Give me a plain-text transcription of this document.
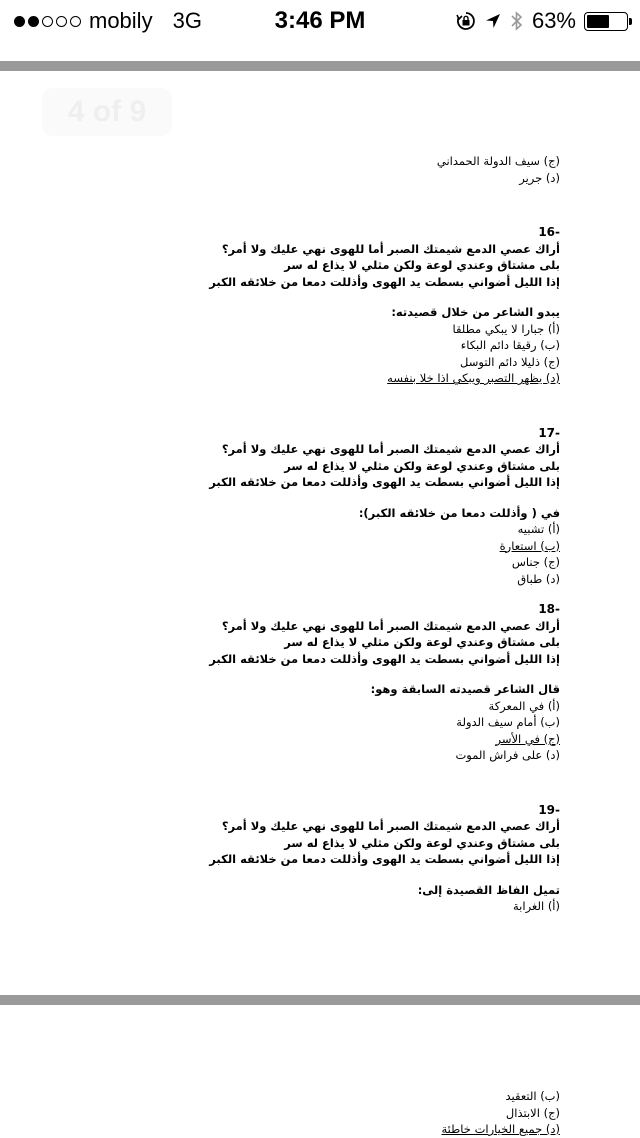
mobily 3G	3:46 PM	63%
4 of 9
(ج) سيف الدولة الحمداني
(د) جرير
16-
أراك عصي الدمع شيمتك الصبر أما للهوى نهي عليك ولا أمر؟
بلى مشتاق وعندي لوعة ولكن مثلي لا يذاع له سر
إذا الليل أضواني بسطت يد الهوى وأذللت دمعا من خلائقه الكبر
يبدو الشاعر من خلال قصيدته:
(أ) جبارا لا يبكي مطلقا
(ب) رقيقا دائم البكاء
(ج) ذليلا دائم التوسل
(د) يظهر التصبر ويبكي اذا خلا بنفسه
17-
أراك عصي الدمع شيمتك الصبر أما للهوى نهي عليك ولا أمر؟
بلى مشتاق وعندي لوعة ولكن مثلي لا يذاع له سر
إذا الليل أضواني بسطت يد الهوى وأذللت دمعا من خلائقه الكبر
في ( وأذللت دمعا من خلائقه الكبر):
(أ) تشبيه
(ب) استعارة
(ج) جناس
(د) طباق
18-
أراك عصي الدمع شيمتك الصبر أما للهوى نهي عليك ولا أمر؟
بلى مشتاق وعندي لوعة ولكن مثلي لا يذاع له سر
إذا الليل أضواني بسطت يد الهوى وأذللت دمعا من خلائقه الكبر
قال الشاعر قصيدته السابقة وهو:
(أ) في المعركة
(ب) أمام سيف الدولة
(ج) في الأسر
(د) على فراش الموت
19-
أراك عصي الدمع شيمتك الصبر أما للهوى نهي عليك ولا أمر؟
بلى مشتاق وعندي لوعة ولكن مثلي لا يذاع له سر
إذا الليل أضواني بسطت يد الهوى وأذللت دمعا من خلائقه الكبر
تميل الفاظ القصيدة إلى:
(أ) الغرابة
(ب) التعقيد
(ج) الابتذال
(د) جميع الخيارات خاطئة
